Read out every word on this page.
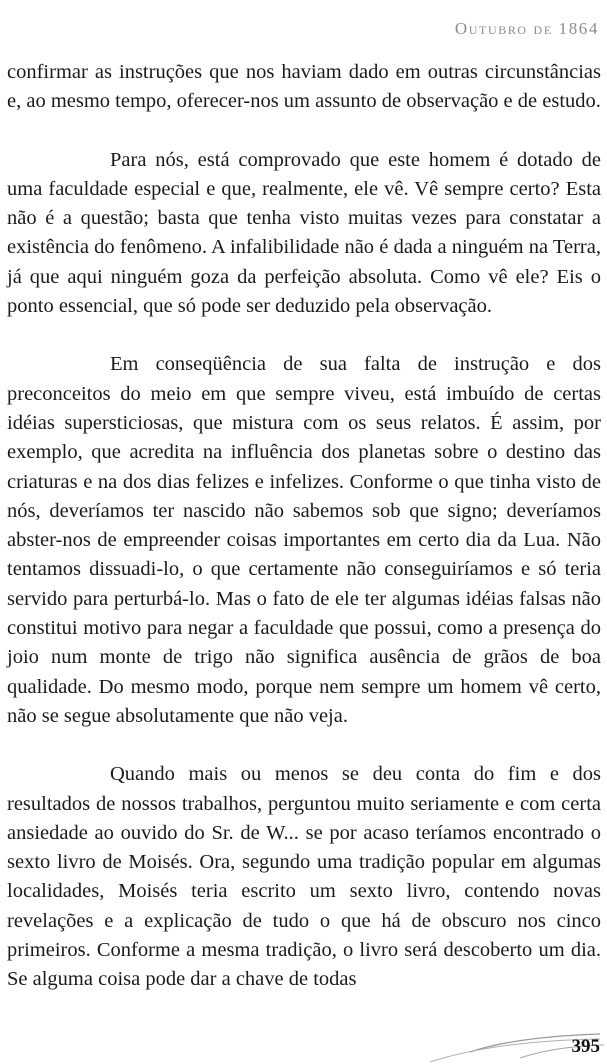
Outubro de 1864

confirmar as instruções que nos haviam dado em outras circunstâncias e, ao mesmo tempo, oferecer-nos um assunto de observação e de estudo.

Para nós, está comprovado que este homem é dotado de uma faculdade especial e que, realmente, ele vê. Vê sempre certo? Esta não é a questão; basta que tenha visto muitas vezes para constatar a existência do fenômeno. A infalibilidade não é dada a ninguém na Terra, já que aqui ninguém goza da perfeição absoluta. Como vê ele? Eis o ponto essencial, que só pode ser deduzido pela observação.

Em conseqüência de sua falta de instrução e dos preconceitos do meio em que sempre viveu, está imbuído de certas idéias supersticiosas, que mistura com os seus relatos. É assim, por exemplo, que acredita na influência dos planetas sobre o destino das criaturas e na dos dias felizes e infelizes. Conforme o que tinha visto de nós, deveríamos ter nascido não sabemos sob que signo; deveríamos abster-nos de empreender coisas importantes em certo dia da Lua. Não tentamos dissuadi-lo, o que certamente não conseguiríamos e só teria servido para perturbá-lo. Mas o fato de ele ter algumas idéias falsas não constitui motivo para negar a faculdade que possui, como a presença do joio num monte de trigo não significa ausência de grãos de boa qualidade. Do mesmo modo, porque nem sempre um homem vê certo, não se segue absolutamente que não veja.

Quando mais ou menos se deu conta do fim e dos resultados de nossos trabalhos, perguntou muito seriamente e com certa ansiedade ao ouvido do Sr. de W... se por acaso teríamos encontrado o sexto livro de Moisés. Ora, segundo uma tradição popular em algumas localidades, Moisés teria escrito um sexto livro, contendo novas revelações e a explicação de tudo o que há de obscuro nos cinco primeiros. Conforme a mesma tradição, o livro será descoberto um dia. Se alguma coisa pode dar a chave de todas

395
